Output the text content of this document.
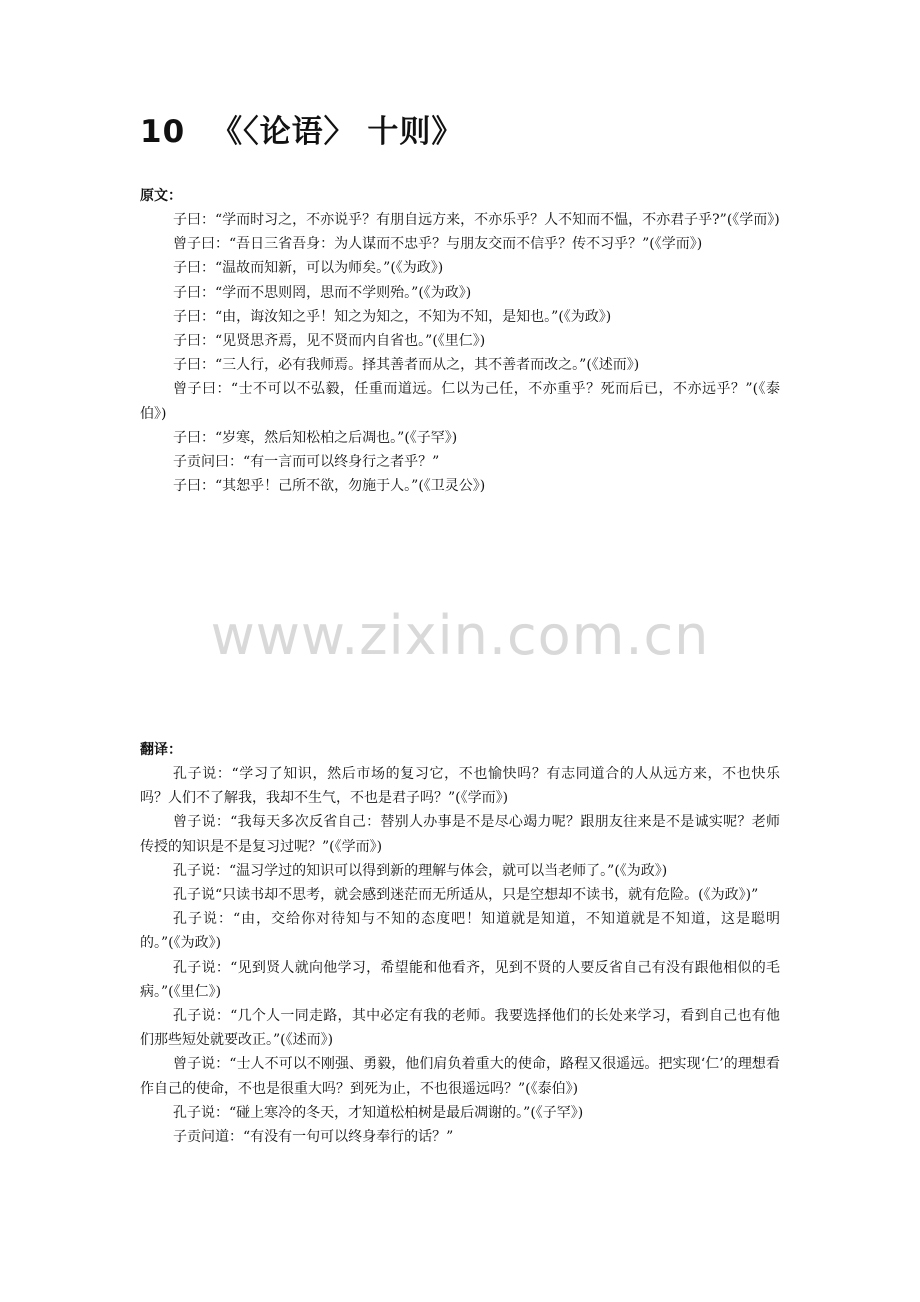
10 《〈论语〉 十则》
原文：

子曰：“学而时习之，不亦说乎？有朋自远方来，不亦乐乎？人不知而不愠，不亦君子乎?”(《学而》)

曾子曰：“吾日三省吾身：为人谋而不忠乎？与朋友交而不信乎？传不习乎？”(《学而》)

子曰：“温故而知新，可以为师矣。”(《为政》)

子曰：“学而不思则罔，思而不学则殆。”(《为政》)

子曰：“由，诲汝知之乎！知之为知之，不知为不知，是知也。”(《为政》)

子曰：“见贤思齐焉，见不贤而内自省也。”(《里仁》)

子曰：“三人行，必有我师焉。择其善者而从之，其不善者而改之。”(《述而》)

曾子曰：“士不可以不弘毅，任重而道远。仁以为己任，不亦重乎？死而后已，不亦远乎？”(《泰伯》)

子曰：“岁寒，然后知松柏之后凋也。”(《子罕》)

子贡问曰：“有一言而可以终身行之者乎？”

子曰：“其恕乎！己所不欲，勿施于人。”(《卫灵公》)

www.zixin.com.cn
翻译：

孔子说：“学习了知识，然后市场的复习它，不也愉快吗？有志同道合的人从远方来，不也快乐吗？人们不了解我，我却不生气，不也是君子吗？”(《学而》)

曾子说：“我每天多次反省自己：替别人办事是不是尽心竭力呢？跟朋友往来是不是诚实呢？老师传授的知识是不是复习过呢？”(《学而》)

孔子说：“温习学过的知识可以得到新的理解与体会，就可以当老师了。”(《为政》)

孔子说“只读书却不思考，就会感到迷茫而无所适从，只是空想却不读书，就有危险。(《为政》)”

孔子说：“由，交给你对待知与不知的态度吧！知道就是知道，不知道就是不知道，这是聪明的。”(《为政》)

孔子说：“见到贤人就向他学习，希望能和他看齐，见到不贤的人要反省自己有没有跟他相似的毛病。”(《里仁》)

孔子说：“几个人一同走路，其中必定有我的老师。我要选择他们的长处来学习，看到自己也有他们那些短处就要改正。”(《述而》)

曾子说：“士人不可以不刚强、勇毅，他们肩负着重大的使命，路程又很遥远。把实现‘仁’的理想看作自己的使命，不也是很重大吗？到死为止，不也很遥远吗？”(《泰伯》)

孔子说：“碰上寒冷的冬天，才知道松柏树是最后凋谢的。”(《子罕》)

子贡问道：“有没有一句可以终身奉行的话？”
